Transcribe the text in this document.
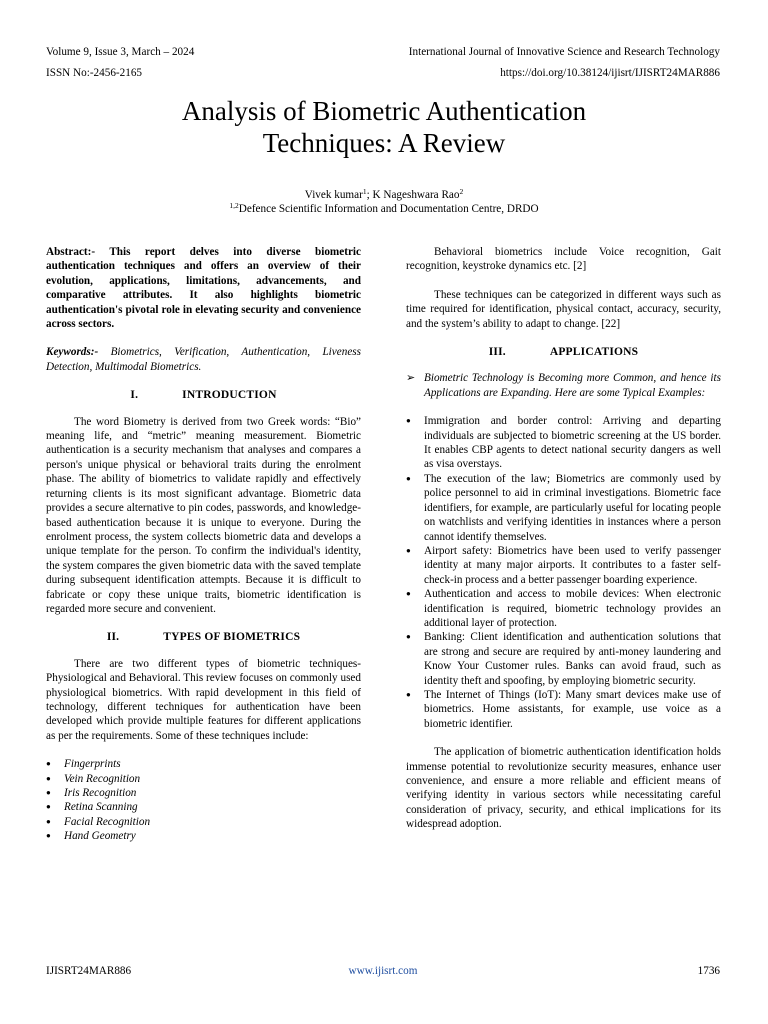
Volume 9, Issue 3, March – 2024	International Journal of Innovative Science and Research Technology
ISSN No:-2456-2165	https://doi.org/10.38124/ijisrt/IJISRT24MAR886
Analysis of Biometric Authentication
Techniques: A Review
Vivek kumar$^1$; K Nageshwara Rao$^2$
$^{1,2}$Defence Scientific Information and Documentation Centre, DRDO

Abstract:- This report delves into diverse biometric authentication techniques and offers an overview of their evolution, applications, limitations, advancements, and comparative attributes. It also highlights biometric authentication's pivotal role in elevating security and convenience across sectors.

Keywords:- Biometrics, Verification, Authentication, Liveness Detection, Multimodal Biometrics.

I.	INTRODUCTION

The word Biometry is derived from two Greek words: “Bio” meaning life, and “metric” meaning measurement. Biometric authentication is a security mechanism that analyses and compares a person's unique physical or behavioral traits during the enrolment phase. The ability of biometrics to validate rapidly and effectively returning clients is its most significant advantage. Biometric data provides a secure alternative to pin codes, passwords, and knowledge-based authentication because it is unique to everyone. During the enrolment process, the system collects biometric data and develops a unique template for the person. To confirm the individual's identity, the system compares the given biometric data with the saved template during subsequent identification attempts. Because it is difficult to fabricate or copy these unique traits, biometric identification is regarded more secure and convenient.

II.	TYPES OF BIOMETRICS

There are two different types of biometric techniques- Physiological and Behavioral. This review focuses on commonly used physiological biometrics. With rapid development in this field of technology, different techniques for authentication have been developed which provide multiple features for different applications as per the requirements. Some of these techniques include:

● Fingerprints
● Vein Recognition
● Iris Recognition
● Retina Scanning
● Facial Recognition
● Hand Geometry

Behavioral biometrics include Voice recognition, Gait recognition, keystroke dynamics etc. [2]

These techniques can be categorized in different ways such as time required for identification, physical contact, accuracy, security, and the system’s ability to adapt to change. [22]

III.	APPLICATIONS

➢ Biometric Technology is Becoming more Common, and hence its Applications are Expanding. Here are some Typical Examples:

● Immigration and border control: Arriving and departing individuals are subjected to biometric screening at the US border. It enables CBP agents to detect national security dangers as well as visa overstays.
● The execution of the law; Biometrics are commonly used by police personnel to aid in criminal investigations. Biometric face identifiers, for example, are particularly useful for locating people on watchlists and verifying identities in instances where a person cannot identify themselves.
● Airport safety: Biometrics have been used to verify passenger identity at many major airports. It contributes to a faster self-check-in process and a better passenger boarding experience.
● Authentication and access to mobile devices: When electronic identification is required, biometric technology provides an additional layer of protection.
● Banking: Client identification and authentication solutions that are strong and secure are required by anti-money laundering and Know Your Customer rules. Banks can avoid fraud, such as identity theft and spoofing, by employing biometric security.
● The Internet of Things (IoT): Many smart devices make use of biometrics. Home assistants, for example, use voice as a biometric identifier.

The application of biometric authentication identification holds immense potential to revolutionize security measures, enhance user convenience, and ensure a more reliable and efficient means of verifying identity in various sectors while necessitating careful consideration of privacy, security, and ethical implications for its widespread adoption.

IJISRT24MAR886	www.ijisrt.com	1736
